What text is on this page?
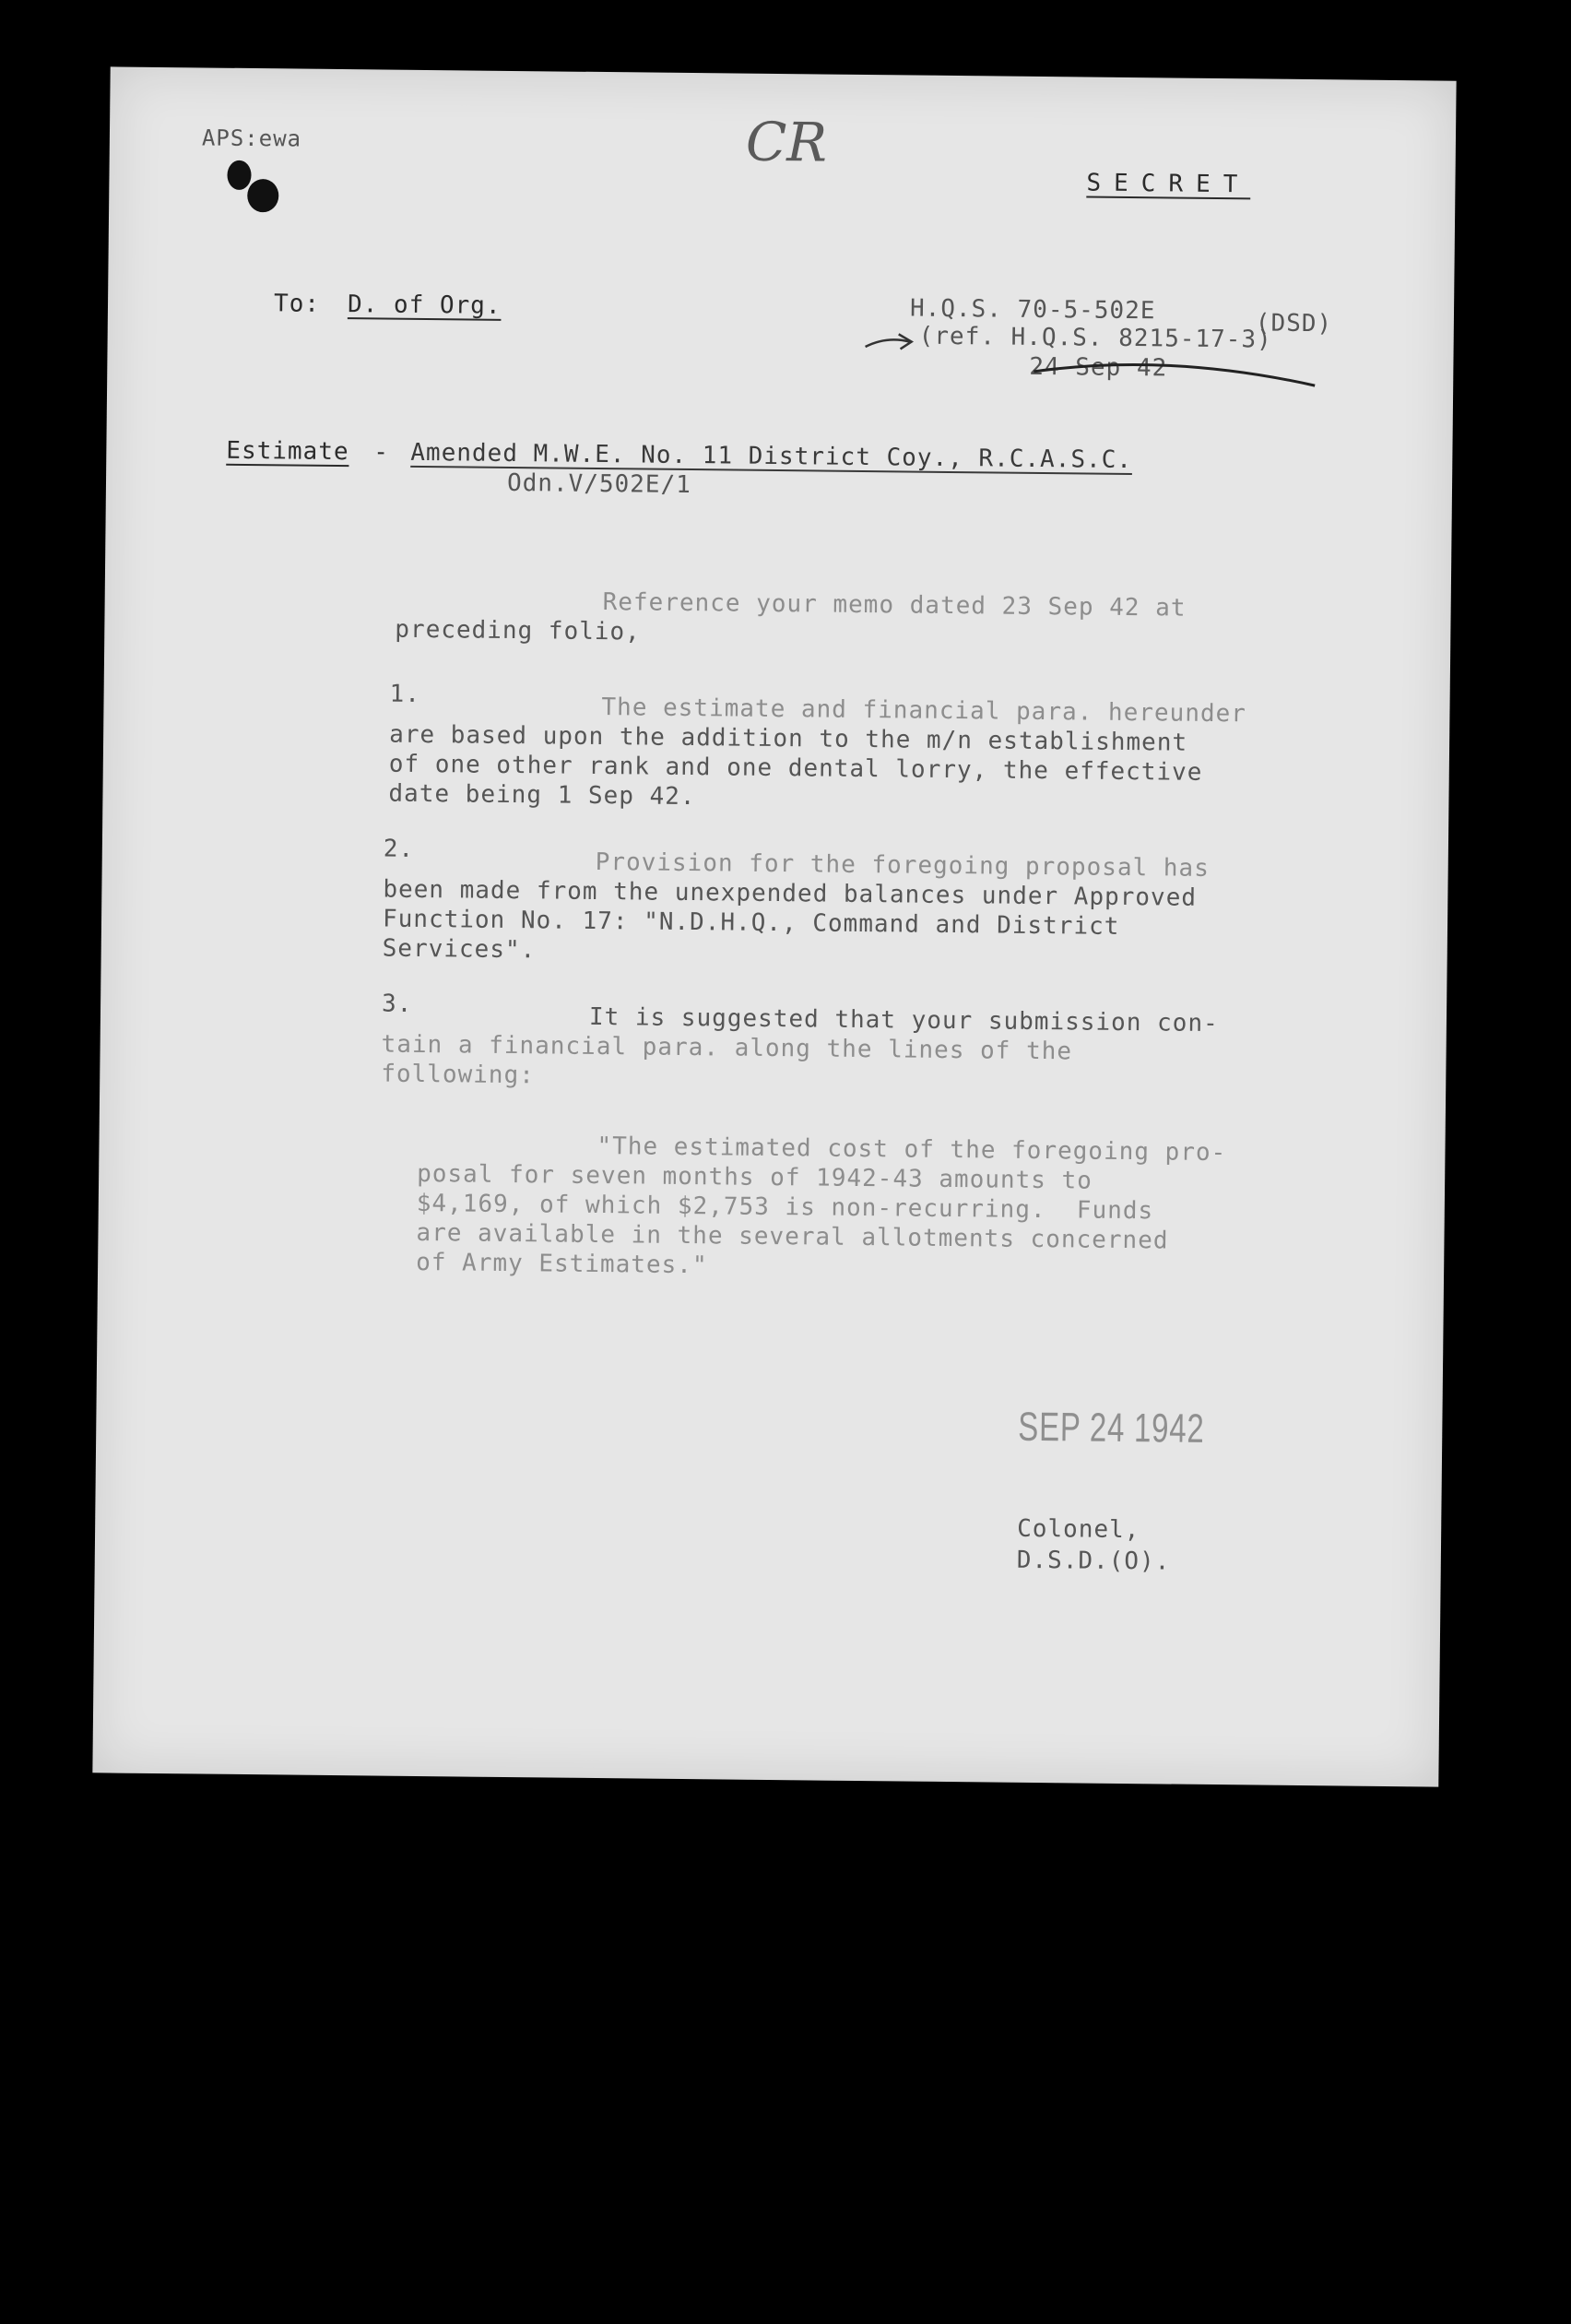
APS:ewa	CR
SECRET
To: D. of Org.	H.Q.S. 70-5-502E	(DSD)
(ref. H.Q.S. 8215-17-3)
24 Sep 42
Estimate - Amended M.W.E. No. 11 District Coy., R.C.A.S.C.
Odn.V/502E/1
Reference your memo dated 23 Sep 42 at
preceding folio,
1.	The estimate and financial para. hereunder
are based upon the addition to the m/n establishment
of one other rank and one dental lorry, the effective
date being 1 Sep 42.
2.	Provision for the foregoing proposal has
been made from the unexpended balances under Approved
Function No. 17: "N.D.H.Q., Command and District
Services".
3.	It is suggested that your submission con-
tain a financial para. along the lines of the
following:
"The estimated cost of the foregoing pro-
posal for seven months of 1942-43 amounts to
$4,169, of which $2,753 is non-recurring.  Funds
are available in the several allotments concerned
of Army Estimates."
SEP 24 1942
Colonel,
D.S.D.(O).
